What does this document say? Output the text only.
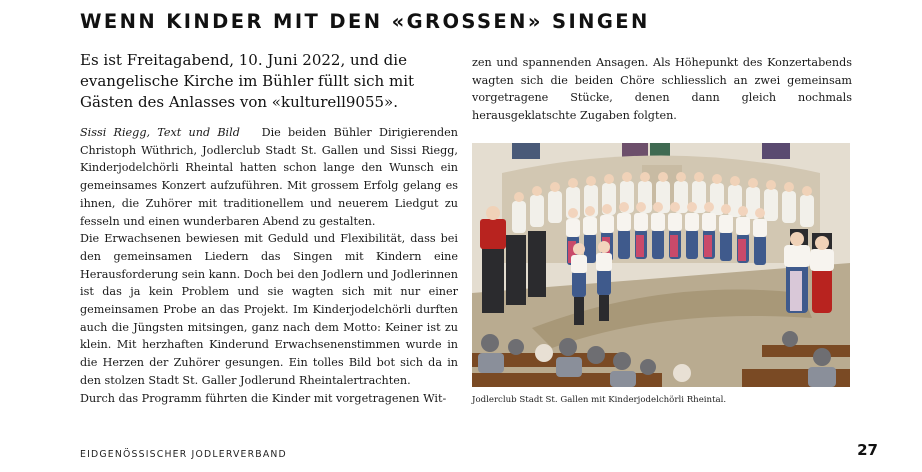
WENN KINDER MIT DEN «GROSSEN» SINGEN

Es ist Freitagabend, 10. Juni 2022, und die evangelische Kirche im Bühler füllt sich mit Gästen des Anlasses von «kulturell9055».

Sissi Riegg, Text und Bild Die beiden Bühler Dirigierenden Christoph Wüthrich, Jodlerclub Stadt St. Gallen und Sissi Riegg, Kinderjodelchörli Rheintal hatten schon lange den Wunsch ein gemeinsames Konzert aufzuführen. Mit grossem Erfolg gelang es ihnen, die Zuhörer mit traditionellem und neuerem Liedgut zu fesseln und einen wunderbaren Abend zu gestalten.

Die Erwachsenen bewiesen mit Geduld und Flexibilität, dass bei den gemeinsamen Liedern das Singen mit Kindern eine Herausforderung sein kann. Doch bei den Jodlern und Jodlerinnen ist das ja kein Problem und sie wagten sich mit nur einer gemeinsamen Probe an das Projekt. Im Kinderjodelchörli durften auch die Jüngsten mitsingen, ganz nach dem Motto: Keiner ist zu klein. Mit herzhaften Kinderund Erwachsenenstimmen wurde in die Herzen der Zuhörer gesungen. Ein tolles Bild bot sich da in den stolzen Stadt St. Galler Jodlerund Rheintalertrachten.

Durch das Programm führten die Kinder mit vorgetragenen Wit-

zen und spannenden Ansagen. Als Höhepunkt des Konzertabends wagten sich die beiden Chöre schliesslich an zwei gemeinsam vorgetragene Stücke, denen dann gleich nochmals herausgeklatschte Zugaben folgten.

Jodlerclub Stadt St. Gallen mit Kinderjodelchörli Rheintal.

EIDGENÖSSISCHER JODLERVERBAND	27
